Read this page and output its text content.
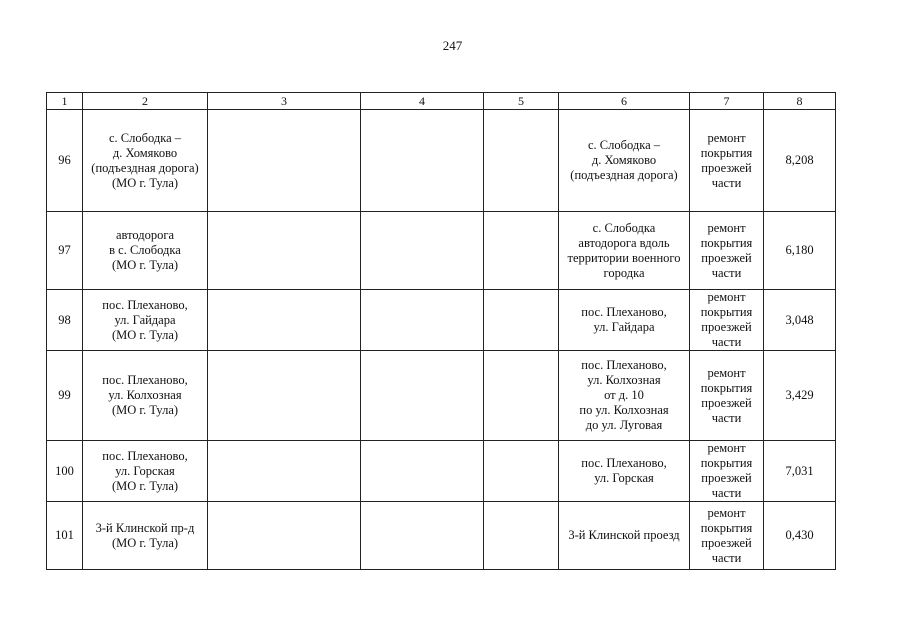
247
1	2	3	4	5	6	7	8
96	с. Слободка –
д. Хомяково
(подъездная дорога)
(МО г. Тула)				с. Слободка –
д. Хомяково
(подъездная дорога)	ремонт
покрытия
проезжей
части	8,208
97	автодорога
в с. Слободка
(МО г. Тула)				с. Слободка
автодорога вдоль
территории военного
городка	ремонт
покрытия
проезжей
части	6,180
98	пос. Плеханово,
ул. Гайдара
(МО г. Тула)				пос. Плеханово,
ул. Гайдара	ремонт
покрытия
проезжей
части	3,048
99	пос. Плеханово,
ул. Колхозная
(МО г. Тула)				пос. Плеханово,
ул. Колхозная
от д. 10
по ул. Колхозная
до ул. Луговая	ремонт
покрытия
проезжей
части	3,429
100	пос. Плеханово,
ул. Горская
(МО г. Тула)				пос. Плеханово,
ул. Горская	ремонт
покрытия
проезжей
части	7,031
101	3-й Клинской пр-д
(МО г. Тула)				3-й Клинской проезд	ремонт
покрытия
проезжей
части	0,430
